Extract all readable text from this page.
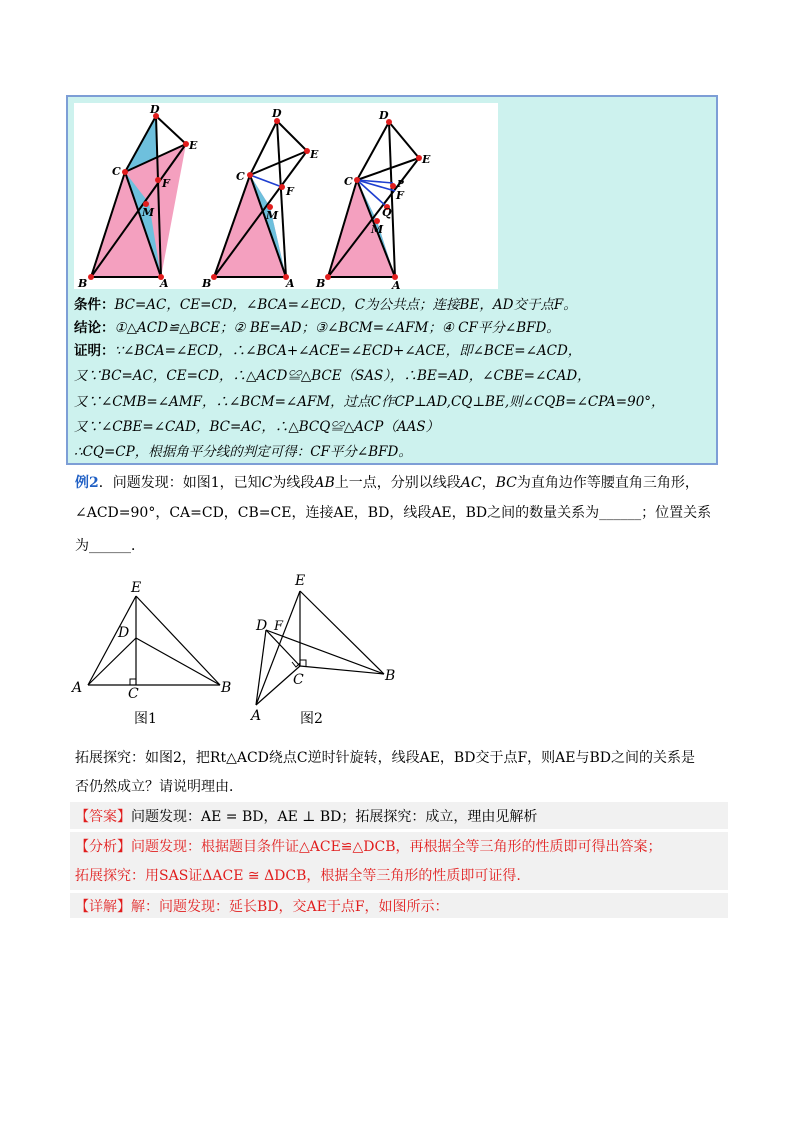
D
E
C
F
M
B	A
D
E
C
F
M
B	A
D
E
C	P
F
Q
M
B	A
条件：BC=AC，CE=CD，∠BCA=∠ECD，C为公共点；连接BE，AD交于点F。
结论：①△ACD≌△BCE；② BE=AD；③∠BCM=∠AFM；④ CF平分∠BFD。
证明：∵∠BCA=∠ECD，∴∠BCA+∠ACE=∠ECD+∠ACE，即∠BCE=∠ACD，
又∵BC=AC，CE=CD，∴△ACD≌△BCE（SAS），∴BE=AD，∠CBE=∠CAD，
又∵∠CMB=∠AMF，∴∠BCM=∠AFM，过点C作CP⊥AD,CQ⊥BE,则∠CQB=∠CPA=90°，
又∵∠CBE=∠CAD，BC=AC，∴△BCQ≌△ACP（AAS）
∴CQ=CP，根据角平分线的判定可得：CF平分∠BFD。
例2．问题发现：如图1，已知C为线段AB上一点，分别以线段AC，BC为直角边作等腰直角三角形，
∠ACD=90°，CA=CD，CB=CE，连接AE，BD，线段AE，BD之间的数量关系为______；位置关系
为______．
E
D
A	C	B
E
D F
C	B
A
图1	图2
拓展探究：如图2，把Rt△ACD绕点C逆时针旋转，线段AE，BD交于点F，则AE与BD之间的关系是
否仍然成立？请说明理由．
【答案】问题发现：AE = BD，AE ⊥ BD；拓展探究：成立，理由见解析
【分析】问题发现：根据题目条件证△ACE≌△DCB，再根据全等三角形的性质即可得出答案；
拓展探究：用SAS证ΔACE ≅ ΔDCB，根据全等三角形的性质即可证得.
【详解】解：问题发现：延长BD，交AE于点F，如图所示：
